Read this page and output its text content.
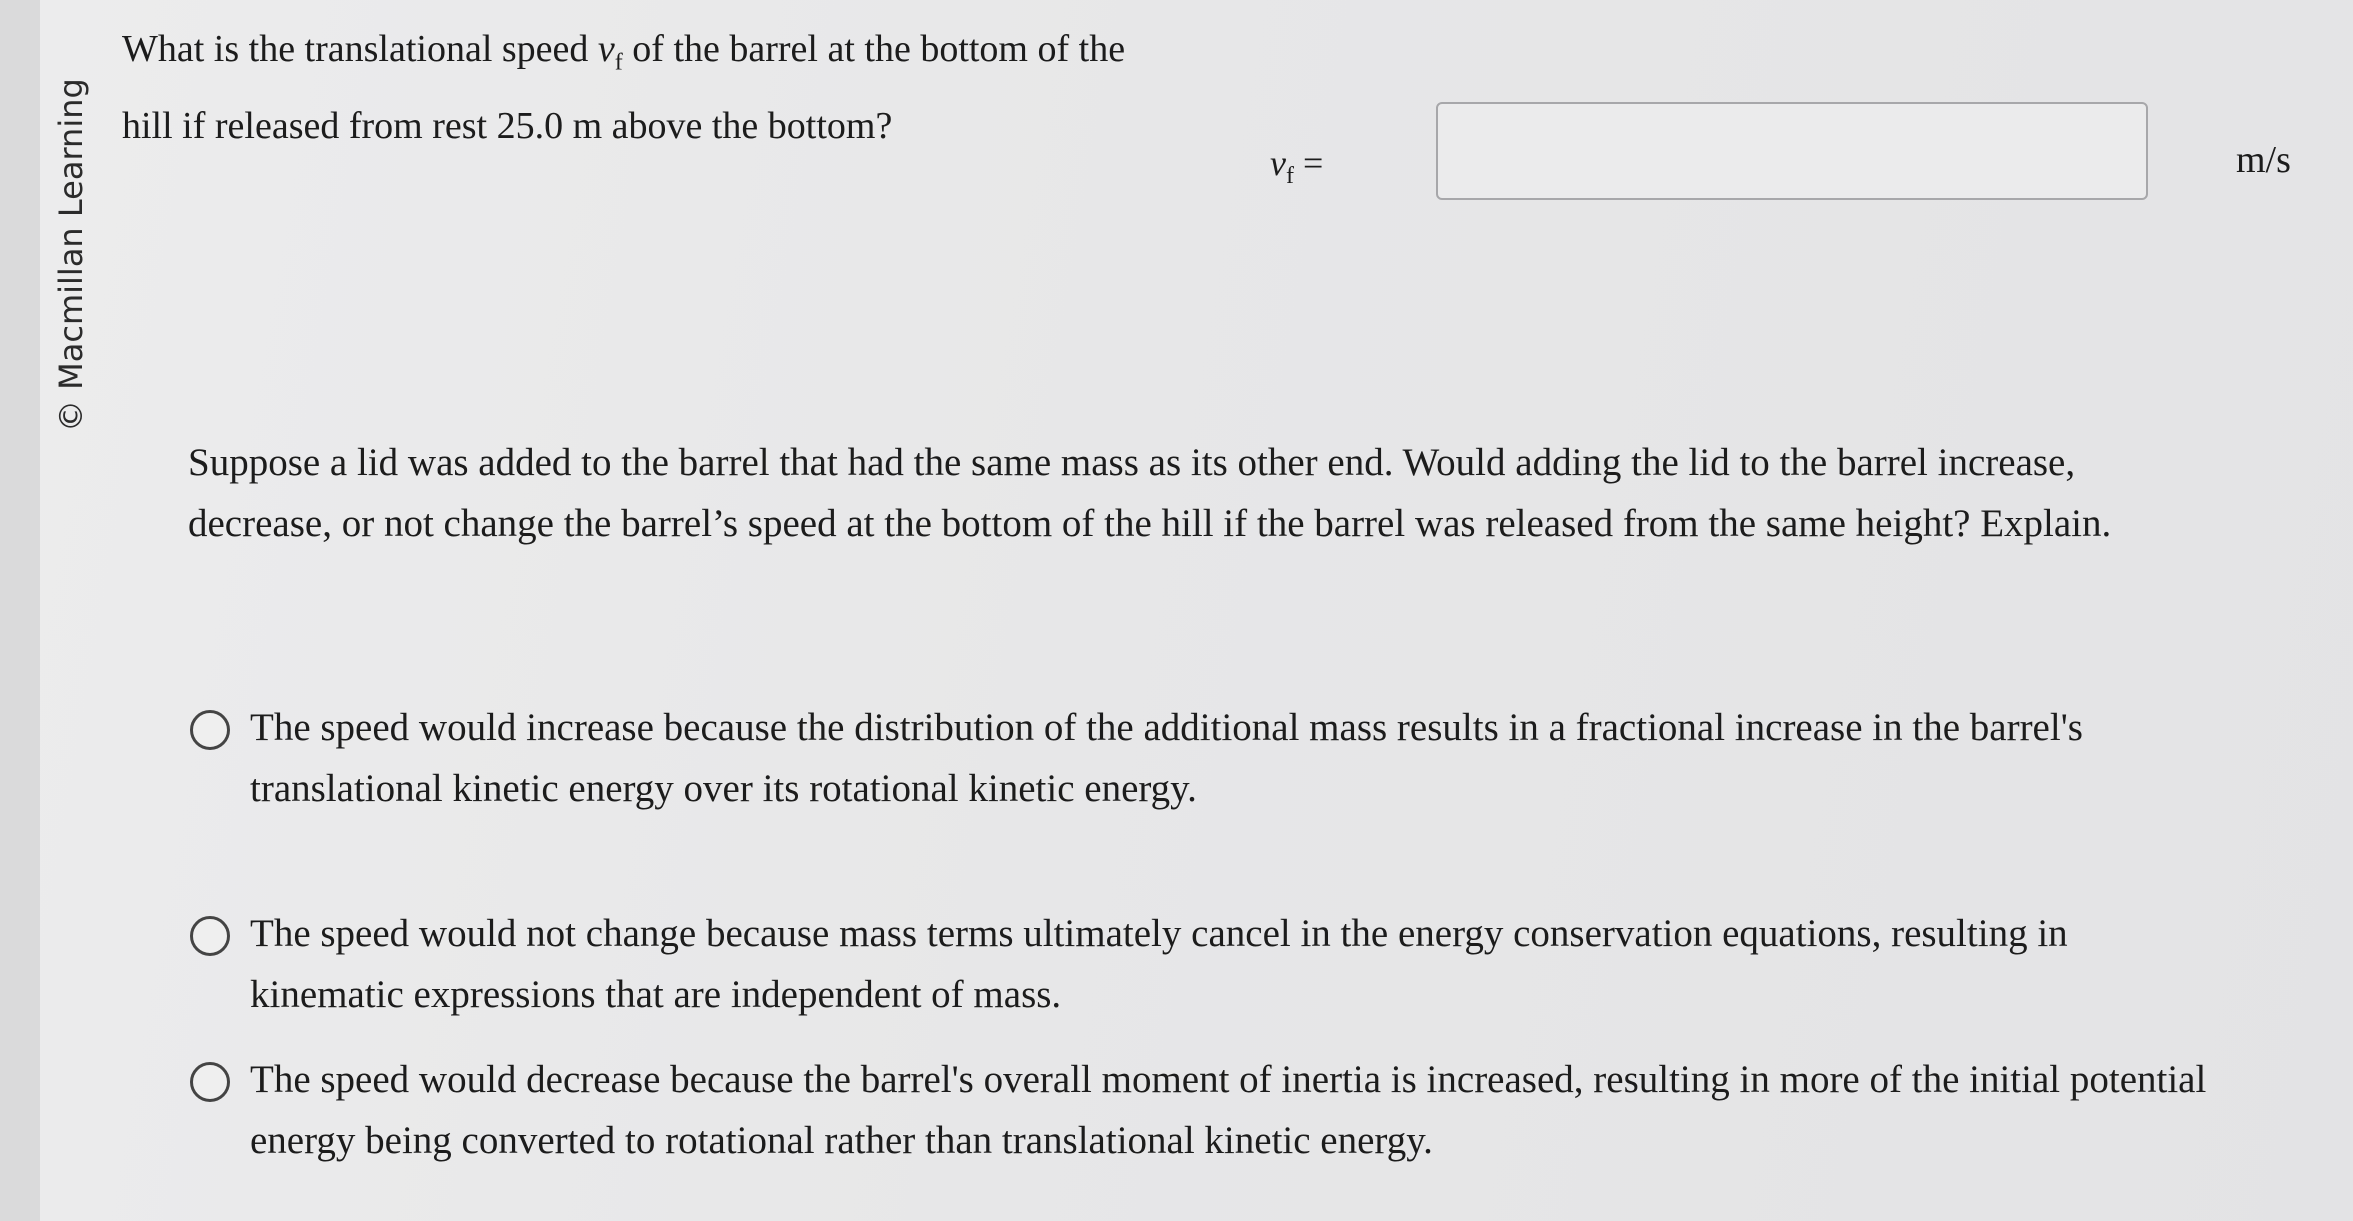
© Macmillan Learning
What is the translational speed $v_f$ of the barrel at the bottom of the hill if released from rest 25.0 m above the bottom?
$v_f$ =	m/s
Suppose a lid was added to the barrel that had the same mass as its other end. Would adding the lid to the barrel increase, decrease, or not change the barrel’s speed at the bottom of the hill if the barrel was released from the same height? Explain.
The speed would increase because the distribution of the additional mass results in a fractional increase in the barrel's translational kinetic energy over its rotational kinetic energy.
The speed would not change because mass terms ultimately cancel in the energy conservation equations, resulting in kinematic expressions that are independent of mass.
The speed would decrease because the barrel's overall moment of inertia is increased, resulting in more of the initial potential energy being converted to rotational rather than translational kinetic energy.
